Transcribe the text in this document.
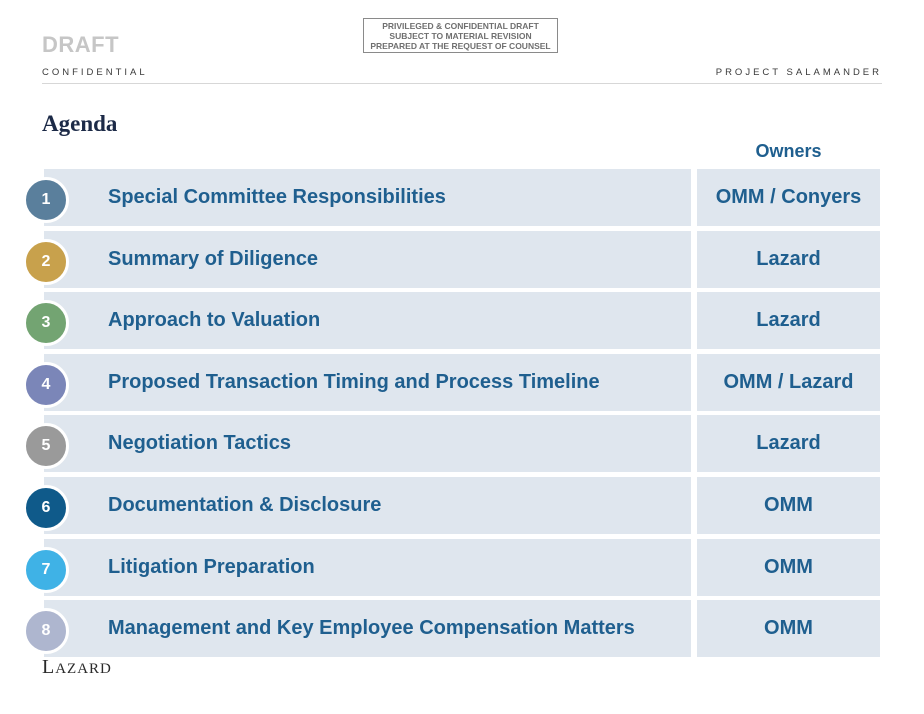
PRIVILEGED & CONFIDENTIAL DRAFT
SUBJECT TO MATERIAL REVISION
PREPARED AT THE REQUEST OF COUNSEL
DRAFT
CONFIDENTIAL	PROJECT SALAMANDER
Agenda
Owners
1	Special Committee Responsibilities	OMM / Conyers
2	Summary of Diligence	Lazard
3	Approach to Valuation	Lazard
4	Proposed Transaction Timing and Process Timeline	OMM / Lazard
5	Negotiation Tactics	Lazard
6	Documentation & Disclosure	OMM
7	Litigation Preparation	OMM
8	Management and Key Employee Compensation Matters	OMM
LAZARD
